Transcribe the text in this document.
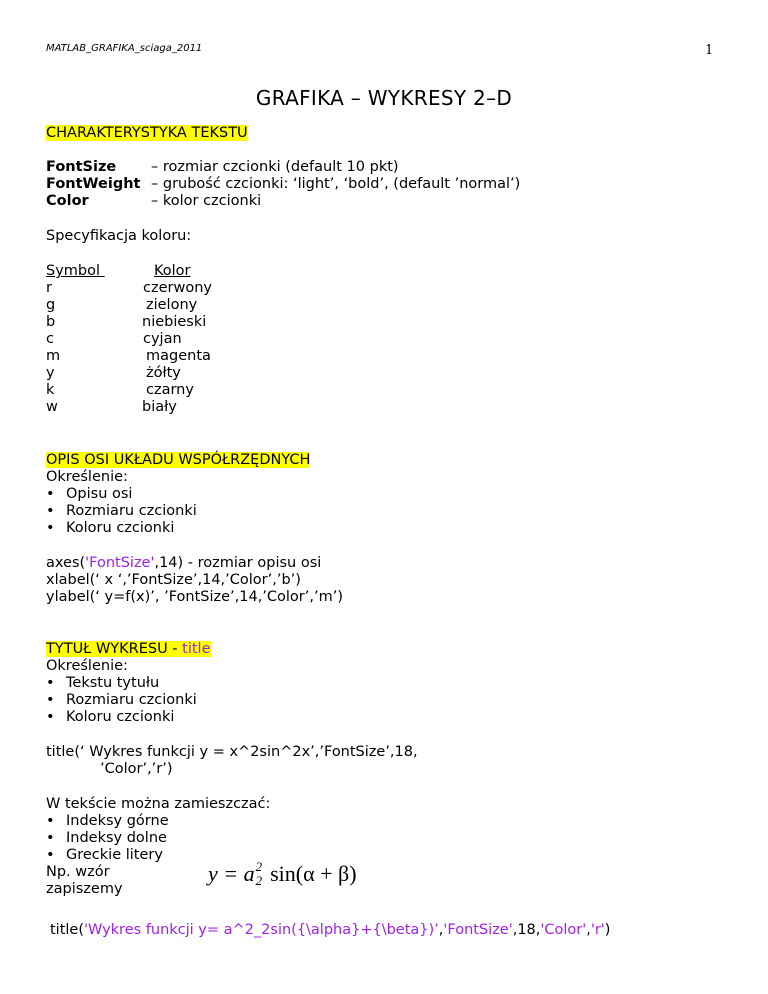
MATLAB_GRAFIKA_sciaga_2011	1
GRAFIKA – WYKRESY 2–D
CHARAKTERYSTYKA TEKSTU
FontSize – rozmiar czcionki (default 10 pkt)
FontWeight – grubość czcionki: ‘light’, ‘bold’, (default ’normal’)
Color	– kolor czcionki
Specyfikacja koloru:
Symbol	Kolor
r	czerwony
g	zielony
b	niebieski
c	cyjan
m	magenta
y	żółty
k	czarny
w	biały
OPIS OSI UKŁADU WSPÓŁRZĘDNYCH
Określenie:
• Opisu osi
• Rozmiaru czcionki
• Koloru czcionki
axes('FontSize',14) - rozmiar opisu osi
xlabel(‘ x ‘,’FontSize’,14,’Color’,’b’)
ylabel(‘ y=f(x)’, ’FontSize’,14,’Color’,’m’)
TYTUŁ WYKRESU - title
Określenie:
• Tekstu tytułu
• Rozmiaru czcionki
• Koloru czcionki
title(‘ Wykres funkcji y = x^2sin^2x’,’FontSize’,18,
’Color’,’r’)
W tekście można zamieszczać:
• Indeksy górne
• Indeksy dolne
• Greckie litery
Np. wzór
zapiszemy
y = a 2
2 sin(α + β)
title('Wykres funkcji y= a^2_2sin({\alpha}+{\beta})’,'FontSize',18,'Color','r')
